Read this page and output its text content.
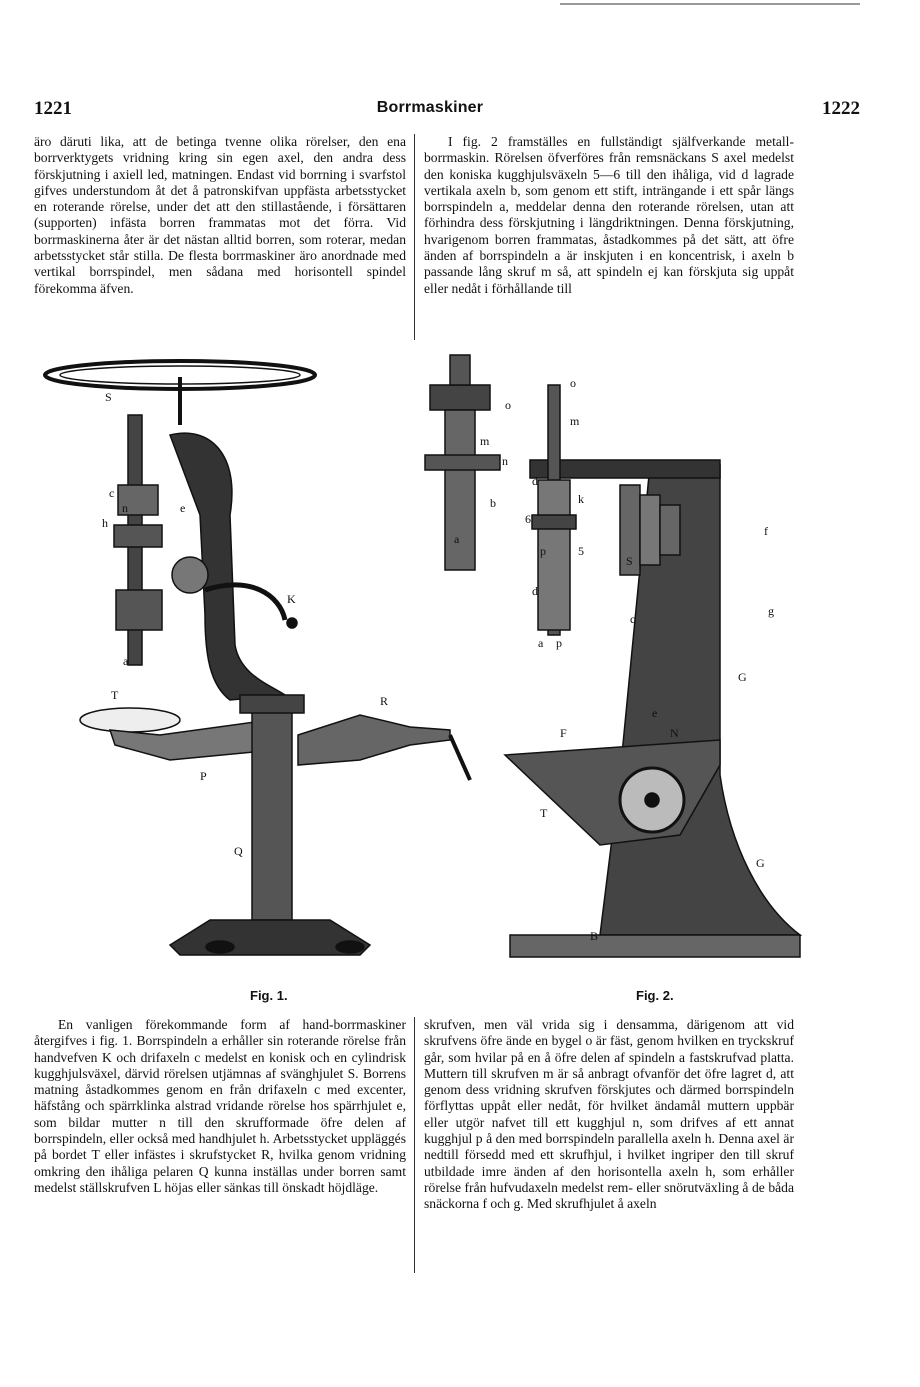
1221	Borrmaskiner	1222

äro däruti lika, att de betinga tvenne olika rörelser, den ena borrverktygets vridning kring sin egen axel, den andra dess förskjutning i axiell led, matningen. Endast vid borrning i svarfstol gifves understundom åt det å patronskifvan uppfästa arbetsstycket en roterande rörelse, under det att den stillastående, i försättaren (supporten) infästa borren frammatas mot det förra. Vid borrmaskinerna åter är det nästan alltid borren, som roterar, medan arbetsstycket står stilla. De flesta borrmaskiner äro anordnade med vertikal borrspindel, men sådana med horisontell spindel förekomma äfven.

I fig. 2 framställes en fullständigt själfverkande metall-borrmaskin. Rörelsen öfverföres från remsnäckans S axel medelst den koniska kugghjulsväxeln 5—6 till den ihåliga, vid d lagrade vertikala axeln b, som genom ett stift, inträngande i ett spår längs borrspindeln a, meddelar denna den roterande rörelsen, utan att förhindra dess förskjutning i längdriktningen. Denna förskjutning, hvarigenom borren frammatas, åstadkommes på det sätt, att öfre änden af borrspindeln a är inskjuten i en koncentrisk, i axeln b passande lång skruf m så, att spindeln ej kan förskjuta sig uppåt eller nedåt i förhållande till

S
c
n
h
e
K
a
T	R
P
Q
Fig. 1.
o
m
n
b
a
o
m
d
k
6
p	5
S
f
g
d
c
a p
G
e
F	N
T
G
B
Fig. 2.

En vanligen förekommande form af hand-borrmaskiner återgifves i fig. 1. Borrspindeln a erhåller sin roterande rörelse från handvefven K och drifaxeln c medelst en konisk och en cylindrisk kugghjulsväxel, därvid rörelsen utjämnas af svänghjulet S. Borrens matning åstadkommes genom en från drifaxeln c med excenter, häfstång och spärrklinka alstrad vridande rörelse hos spärrhjulet e, som bildar mutter n till den skrufformade öfre delen af borrspindeln, eller också med handhjulet h. Arbetsstycket uppläggés på bordet T eller infästes i skrufstycket R, hvilka genom vridning omkring den ihåliga pelaren Q kunna inställas under borren samt medelst ställskrufven L höjas eller sänkas till önskadt höjdläge.

skrufven, men väl vrida sig i densamma, därigenom att vid skrufvens öfre ände en bygel o är fäst, genom hvilken en tryckskruf går, som hvilar på en å öfre delen af spindeln a fastskrufvad platta. Muttern till skrufven m är så anbragt ofvanför det öfre lagret d, att genom dess vridning skrufven förskjutes och därmed borrspindeln förflyttas uppåt eller nedåt, för hvilket ändamål muttern uppbär eller utgör nafvet till ett kugghjul n, som drifves af ett annat kugghjul p å den med borrspindeln parallella axeln h. Denna axel är nedtill försedd med ett skrufhjul, i hvilket ingriper den till skruf utbildade imre änden af den horisontella axeln h, som erhåller rörelse från hufvudaxeln medelst rem- eller snörutväxling å de båda snäckorna f och g. Med skrufhjulet å axeln
